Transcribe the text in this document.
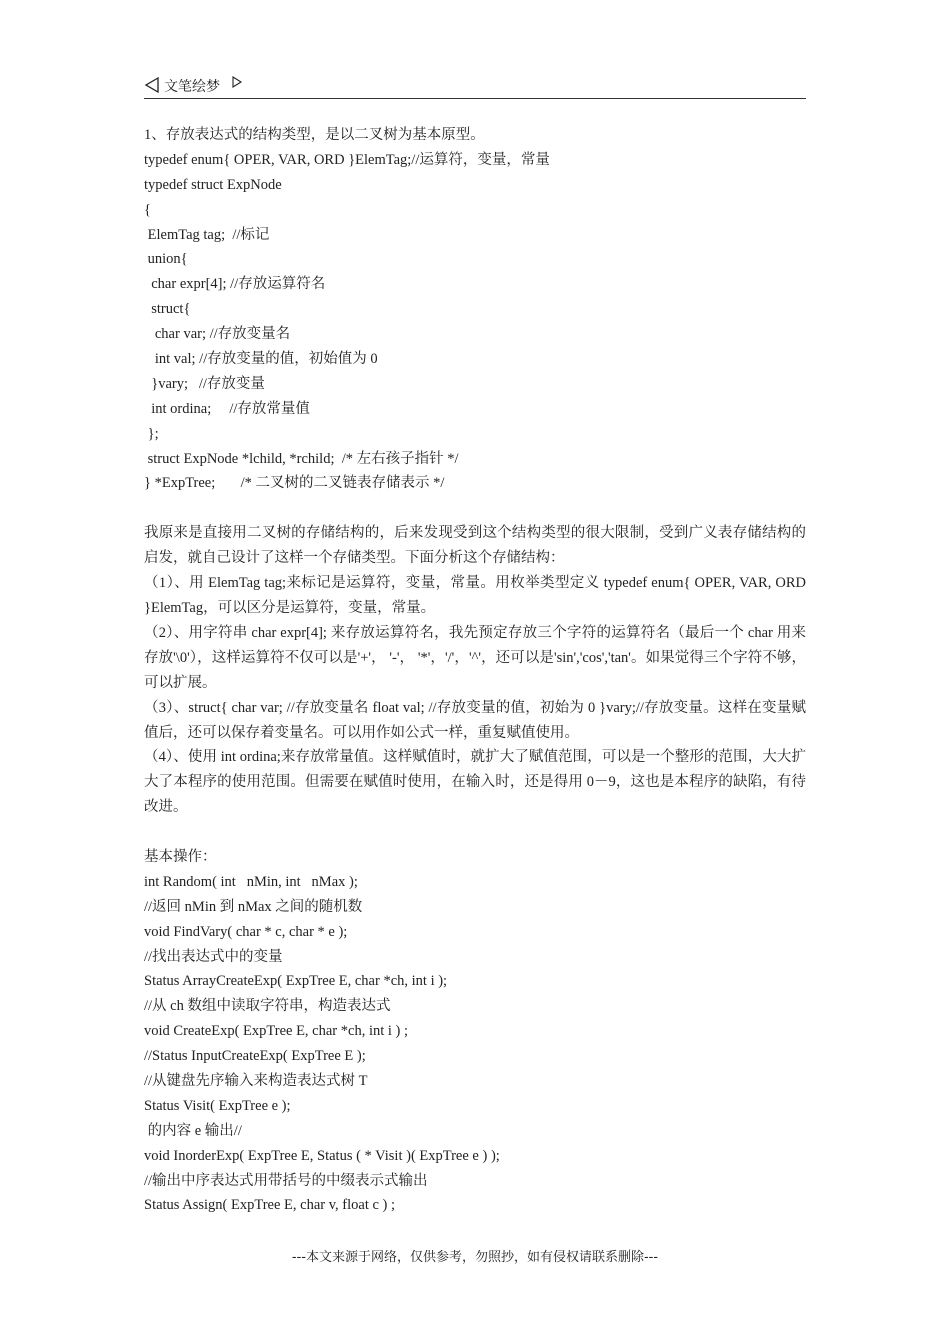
文笔绘梦
1、存放表达式的结构类型，是以二叉树为基本原型。
typedef enum{ OPER, VAR, ORD }ElemTag;//运算符，变量，常量
typedef struct ExpNode
{
ElemTag tag;  //标记
union{
char expr[4]; //存放运算符名
struct{
char var; //存放变量名
int val; //存放变量的值，初始值为 0
}vary;   //存放变量
int ordina;     //存放常量值
};
struct ExpNode *lchild, *rchild;  /* 左右孩子指针 */
} *ExpTree;       /* 二叉树的二叉链表存储表示 */
我原来是直接用二叉树的存储结构的，后来发现受到这个结构类型的很大限制，受到广义表存储结构的启发，就自己设计了这样一个存储类型。下面分析这个存储结构：
（1）、用 ElemTag tag;来标记是运算符，变量，常量。用枚举类型定义 typedef enum{ OPER, VAR, ORD }ElemTag，可以区分是运算符，变量，常量。
（2）、用字符串 char expr[4]; 来存放运算符名，我先预定存放三个字符的运算符名（最后一个 char 用来存放'\0'），这样运算符不仅可以是'+'， '-'， '*'，'/'，'^'，还可以是'sin','cos','tan'。如果觉得三个字符不够，可以扩展。
（3）、struct{ char var; //存放变量名 float val; //存放变量的值，初始为 0 }vary;//存放变量。这样在变量赋值后，还可以保存着变量名。可以用作如公式一样，重复赋值使用。
（4）、使用 int ordina;来存放常量值。这样赋值时，就扩大了赋值范围，可以是一个整形的范围，大大扩大了本程序的使用范围。但需要在赋值时使用，在输入时，还是得用 0－9，这也是本程序的缺陷，有待改进。
基本操作：
int Random( int   nMin, int   nMax );
//返回 nMin 到 nMax 之间的随机数
void FindVary( char * c, char * e );
//找出表达式中的变量
Status ArrayCreateExp( ExpTree E, char *ch, int i );
//从 ch 数组中读取字符串，构造表达式
void CreateExp( ExpTree E, char *ch, int i ) ;
//Status InputCreateExp( ExpTree E );
//从键盘先序输入来构造表达式树 T
Status Visit( ExpTree e );
的内容 e 输出//
void InorderExp( ExpTree E, Status ( * Visit )( ExpTree e ) );
//输出中序表达式用带括号的中缀表示式输出
Status Assign( ExpTree E, char v, float c ) ;
---本文来源于网络，仅供参考，勿照抄，如有侵权请联系删除---
